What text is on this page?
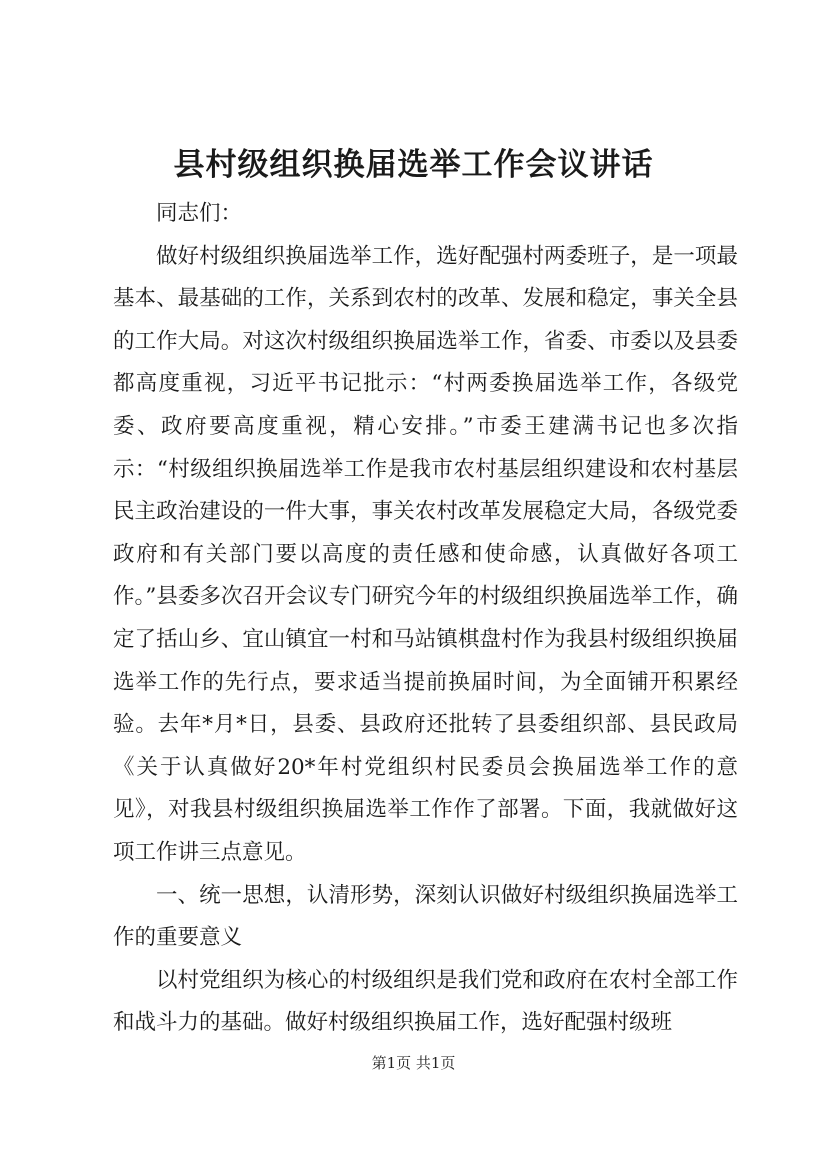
县村级组织换届选举工作会议讲话

同志们：

做好村级组织换届选举工作，选好配强村两委班子，是一项最基本、最基础的工作，关系到农村的改革、发展和稳定，事关全县的工作大局。对这次村级组织换届选举工作，省委、市委以及县委都高度重视，习近平书记批示：“村两委换届选举工作，各级党委、政府要高度重视，精心安排。”市委王建满书记也多次指示：“村级组织换届选举工作是我市农村基层组织建设和农村基层民主政治建设的一件大事，事关农村改革发展稳定大局，各级党委政府和有关部门要以高度的责任感和使命感，认真做好各项工作。”县委多次召开会议专门研究今年的村级组织换届选举工作，确定了括山乡、宜山镇宜一村和马站镇棋盘村作为我县村级组织换届选举工作的先行点，要求适当提前换届时间，为全面铺开积累经验。去年*月*日，县委、县政府还批转了县委组织部、县民政局《关于认真做好20*年村党组织村民委员会换届选举工作的意见》，对我县村级组织换届选举工作作了部署。下面，我就做好这项工作讲三点意见。

一、统一思想，认清形势，深刻认识做好村级组织换届选举工作的重要意义

以村党组织为核心的村级组织是我们党和政府在农村全部工作和战斗力的基础。做好村级组织换届工作，选好配强村级班

第1页 共1页
